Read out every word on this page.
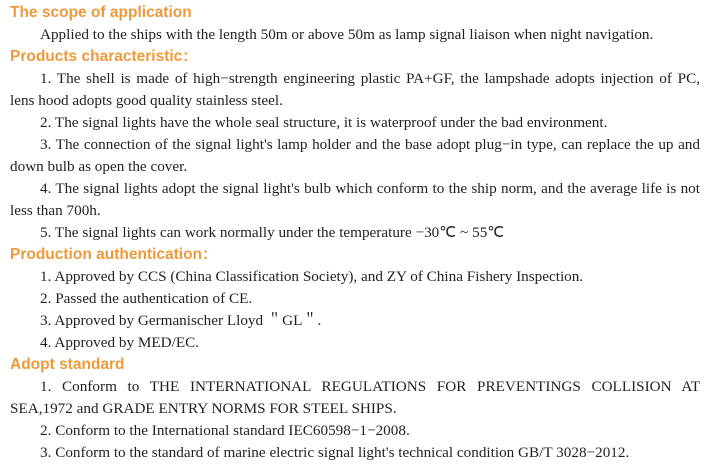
The scope of application

Applied to the ships with the length 50m or above 50m as lamp signal liaison when night navigation.

Products characteristic：

1. The shell is made of high−strength engineering plastic PA+GF, the lampshade adopts injection of PC, lens hood adopts good quality stainless steel.

2. The signal lights have the whole seal structure, it is waterproof under the bad environment.

3. The connection of the signal light's lamp holder and the base adopt plug−in type, can replace the up and down bulb as open the cover.

4. The signal lights adopt the signal light's bulb which conform to the ship norm, and the average life is not less than 700h.

5. The signal lights can work normally under the temperature −30℃ ~ 55℃

Production authentication：

1. Approved by CCS (China Classification Society), and ZY of China Fishery Inspection.

2. Passed the authentication of CE.

3. Approved by Germanischer Lloyd ＂GL＂.

4. Approved by MED/EC.

Adopt standard

1. Conform to THE INTERNATIONAL REGULATIONS FOR PREVENTINGS COLLISION AT SEA,1972 and GRADE ENTRY NORMS FOR STEEL SHIPS.

2. Conform to the International standard IEC60598−1−2008.

3. Conform to the standard of marine electric signal light's technical condition GB/T 3028−2012.
